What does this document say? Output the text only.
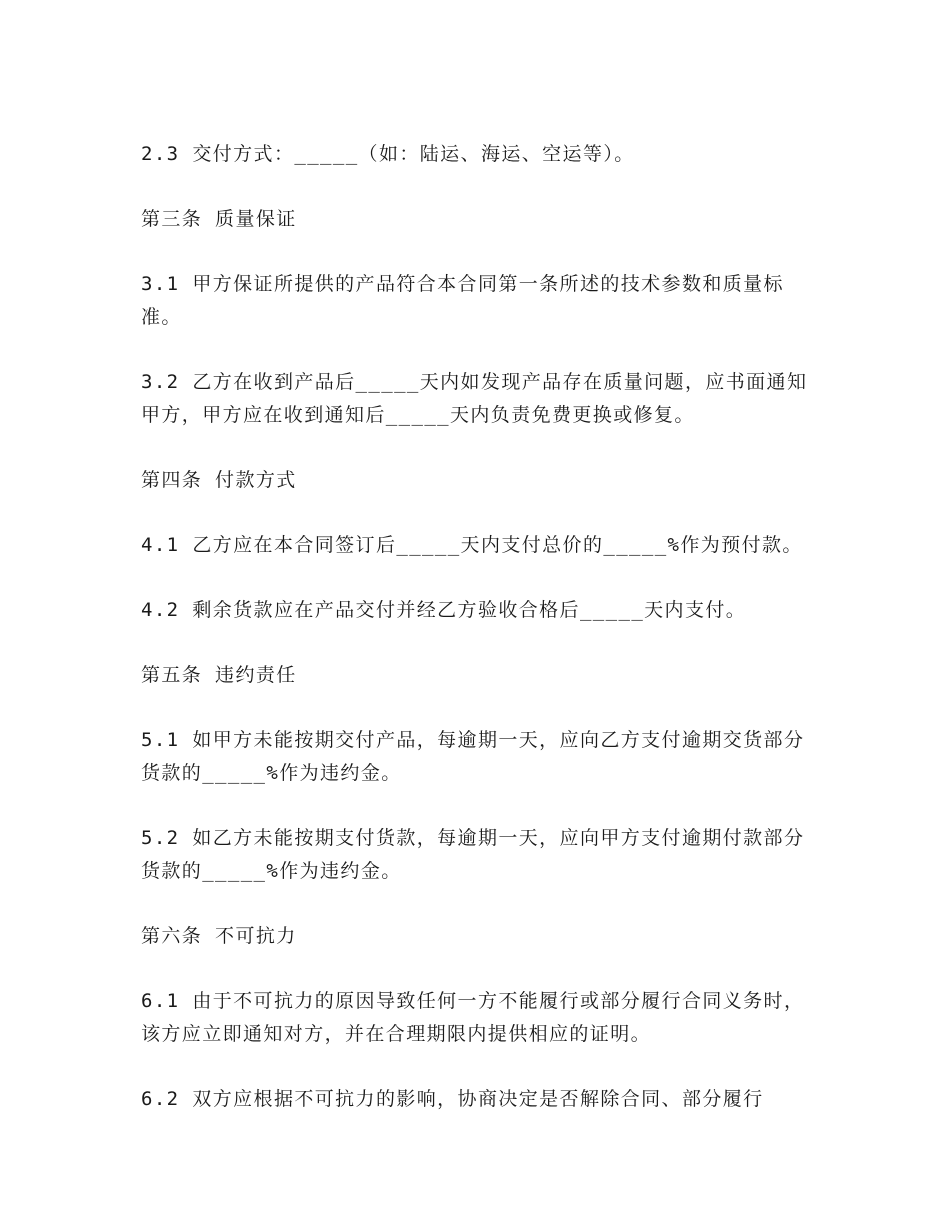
2.3 交付方式：_____（如：陆运、海运、空运等）。

第三条 质量保证

3.1 甲方保证所提供的产品符合本合同第一条所述的技术参数和质量标准。

3.2 乙方在收到产品后_____天内如发现产品存在质量问题，应书面通知甲方，甲方应在收到通知后_____天内负责免费更换或修复。

第四条 付款方式

4.1 乙方应在本合同签订后_____天内支付总价的_____%作为预付款。

4.2 剩余货款应在产品交付并经乙方验收合格后_____天内支付。

第五条 违约责任

5.1 如甲方未能按期交付产品，每逾期一天，应向乙方支付逾期交货部分货款的_____%作为违约金。

5.2 如乙方未能按期支付货款，每逾期一天，应向甲方支付逾期付款部分货款的_____%作为违约金。

第六条 不可抗力

6.1 由于不可抗力的原因导致任何一方不能履行或部分履行合同义务时，该方应立即通知对方，并在合理期限内提供相应的证明。

6.2 双方应根据不可抗力的影响，协商决定是否解除合同、部分履行
